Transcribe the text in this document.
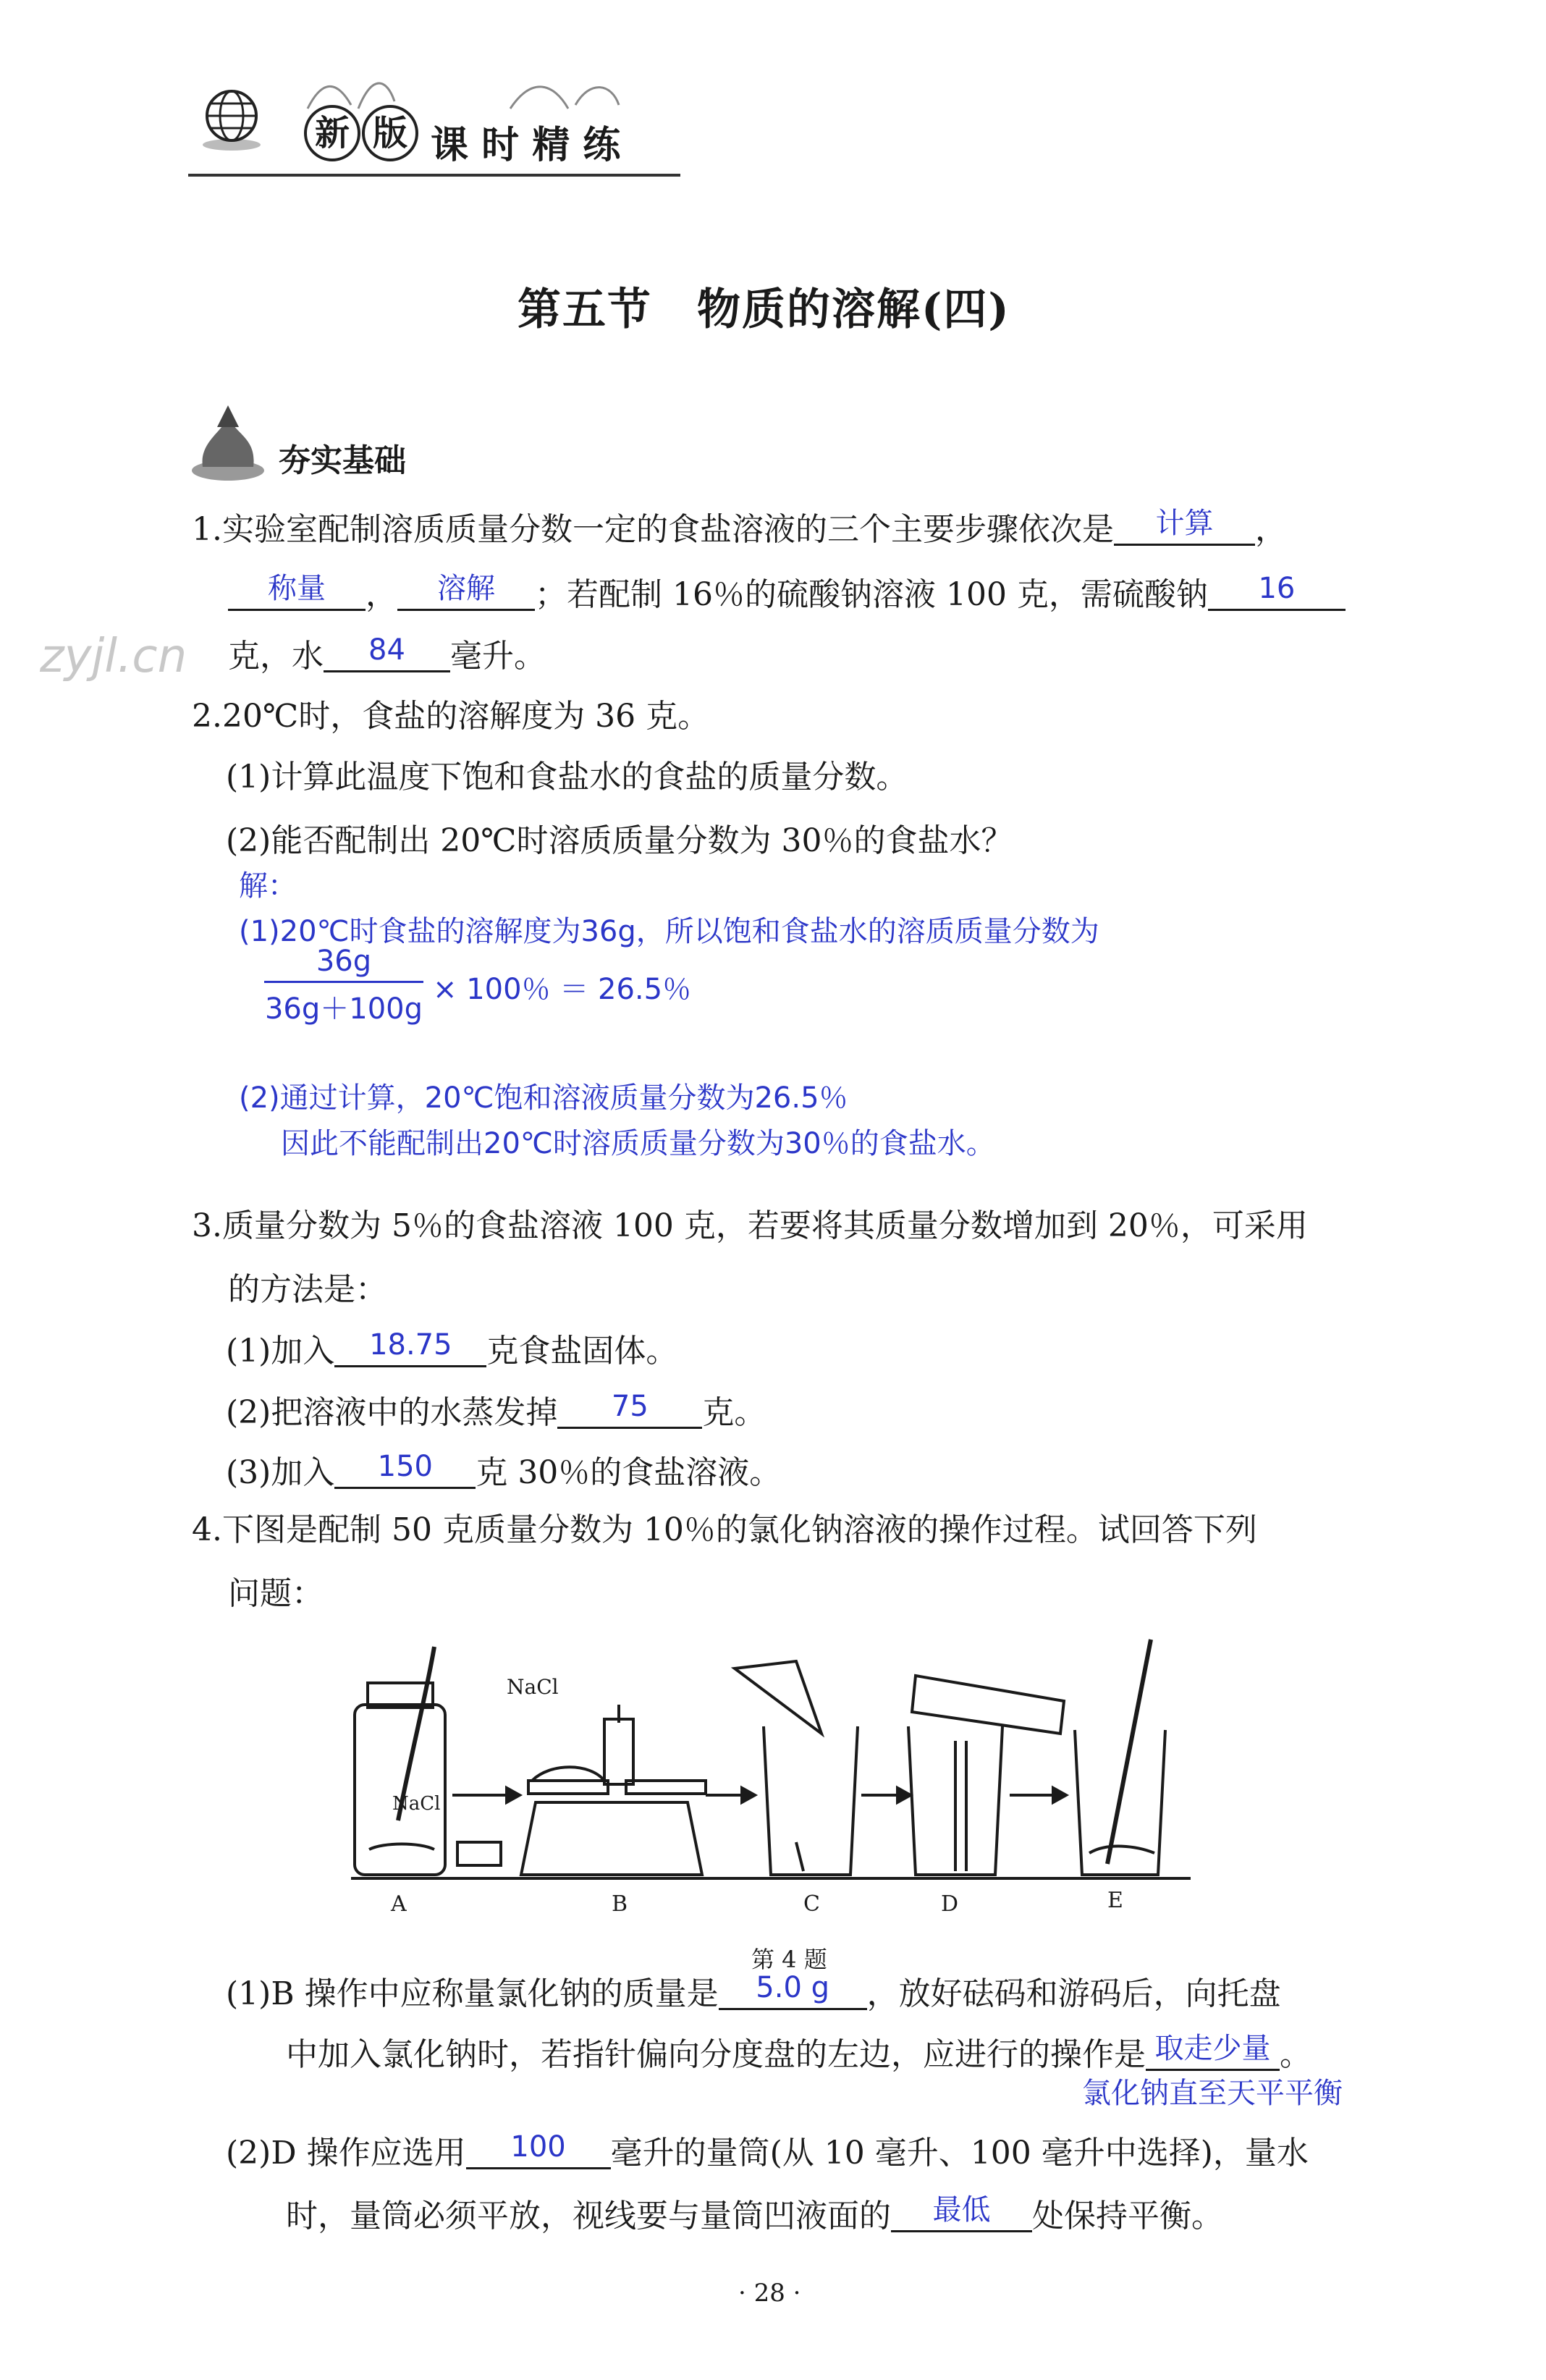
新 版 课 时 精 练
第五节　物质的溶解(四)
夯实基础
zyjl.cn
1.实验室配制溶质质量分数一定的食盐溶液的三个主要步骤依次是	计算	，
称量	，	溶解	；若配制 16％的硫酸钠溶液 100 克，需硫酸钠	16
克，水	84	毫升。
2.20℃时，食盐的溶解度为 36 克。
(1)计算此温度下饱和食盐水的食盐的质量分数。
(2)能否配制出 20℃时溶质质量分数为 30％的食盐水？
解：
(1)20℃时食盐的溶解度为36g，所以饱和食盐水的溶质质量分数为
36g
36g＋100g
× 100％ ＝ 26.5％
(2)通过计算，20℃饱和溶液质量分数为26.5％
因此不能配制出20℃时溶质质量分数为30％的食盐水。
3.质量分数为 5％的食盐溶液 100 克，若要将其质量分数增加到 20％，可采用
的方法是：
(1)加入	18.75	克食盐固体。
(2)把溶液中的水蒸发掉	75	克。
(3)加入	150	克 30％的食盐溶液。
4.下图是配制 50 克质量分数为 10％的氯化钠溶液的操作过程。试回答下列
问题：
NaCl
NaCl
A	B	C	D	E
第 4 题
(1)B 操作中应称量氯化钠的质量是	5.0 g	，放好砝码和游码后，向托盘
中加入氯化钠时，若指针偏向分度盘的左边，应进行的操作是 取走少量 。
氯化钠直至天平平衡
(2)D 操作应选用	100	毫升的量筒(从 10 毫升、100 毫升中选择)，量水
时，量筒必须平放，视线要与量筒凹液面的	最低	处保持平衡。
· 28 ·
